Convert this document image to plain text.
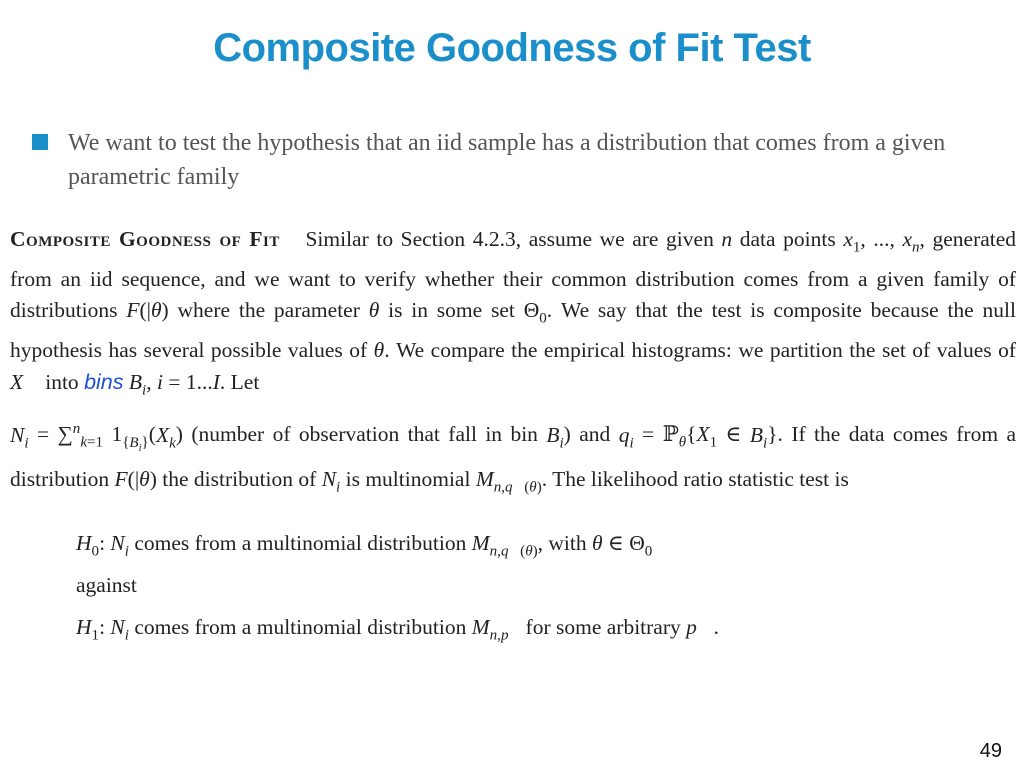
Composite Goodness of Fit Test
We want to test the hypothesis that an iid sample has a distribution that comes from a given parametric family
Composite Goodness of Fit Similar to Section 4.2.3, assume we are given n data points $x_1$, ..., $x_n$, generated from an iid sequence, and we want to verify whether their common distribution comes from a given family of distributions F(|θ) where the parameter θ is in some set $\Theta_0$. We say that the test is composite because the null hypothesis has several possible values of θ. We compare the empirical histograms: we partition the set of values of X⃗ into bins $B_i$, i = 1...I. Let
$N_i = \sum^n_{k=1}$ $1_{\{B_i\}}(X_k)$ (number of observation that fall in bin $B_i$) and $q_i$ = $ℙ_\theta\{X_1$ ∈ $B_i$}. If the data comes from a distribution F(|θ) the distribution of $N_i$ is multinomial $M_{n,q⃗(\theta)}$. The likelihood ratio statistic test is
$H_0$: $N_i$ comes from a multinomial distribution $M_{n,q⃗(\theta)}$, with θ ∈ $\Theta_0$
against
$H_1$: $N_i$ comes from a multinomial distribution $M_{n,p⃗}$ for some arbitrary p⃗.
49
